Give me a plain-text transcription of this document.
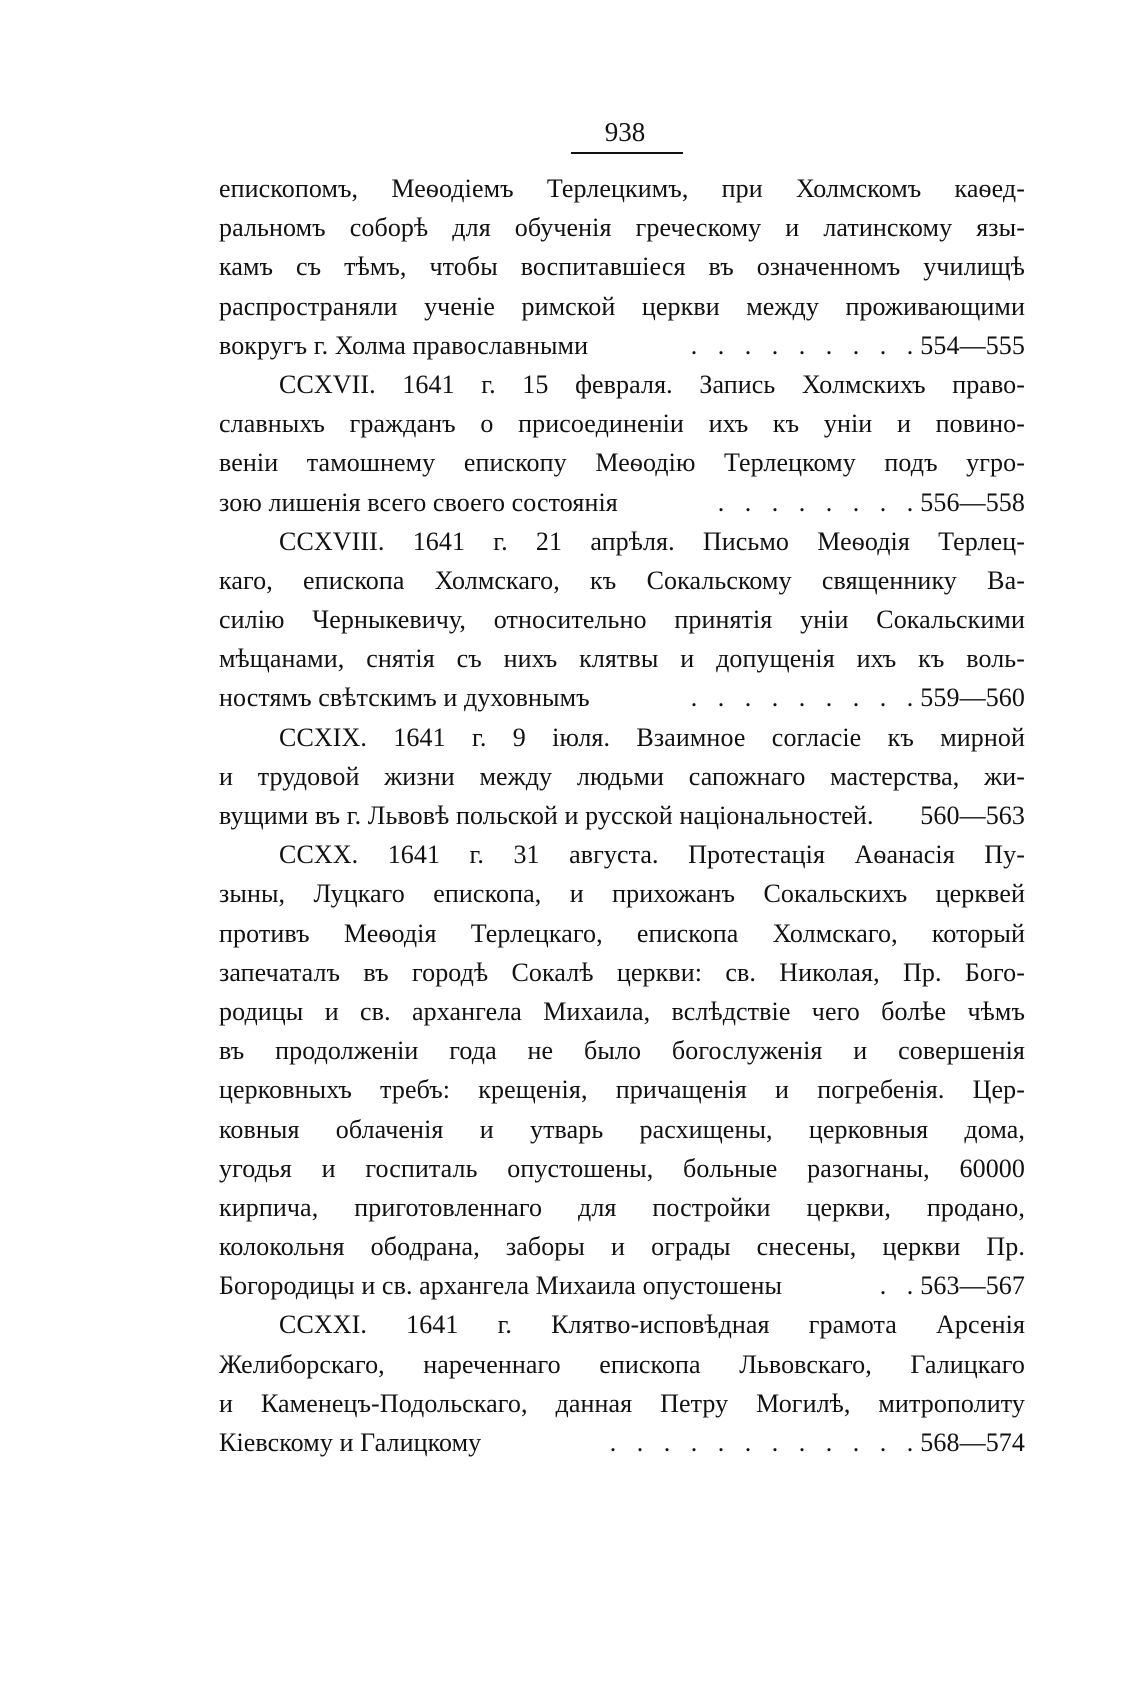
938
епископомъ, Меѳодіемъ Терлецкимъ, при Холмскомъ каѳед-
ральномъ соборѣ для обученія греческому и латинскому язы-
камъ съ тѣмъ, чтобы воспитавшіеся въ означенномъ училищѣ
распространяли ученіе римской церкви между проживающими
вокругъ г. Холма православными	. . . . . . . . . 554—555
CCXVII. 1641 г. 15 февраля. Запись Холмскихъ право-
славныхъ гражданъ о присоединеніи ихъ къ уніи и повино-
веніи тамошнему епископу Меѳодію Терлецкому подъ угро-
зою лишенія всего своего состоянія	. . . . . . . . 556—558
CCXVIII. 1641 г. 21 апрѣля. Письмо Меѳодія Терлец-
каго, епископа Холмскаго, къ Сокальскому священнику Ва-
силію Черныкевичу, относительно принятія уніи Сокальскими
мѣщанами, снятія съ нихъ клятвы и допущенія ихъ къ воль-
ностямъ свѣтскимъ и духовнымъ	. . . . . . . . . 559—560
CCXIX. 1641 г. 9 іюля. Взаимное согласіе къ мирной
и трудовой жизни между людьми сапожнаго мастерства, жи-
вущими въ г. Львовѣ польской и русской національностей. 560—563
CCXX. 1641 г. 31 августа. Протестація Аѳанасія Пу-
зыны, Луцкаго епископа, и прихожанъ Сокальскихъ церквей
противъ Меѳодія Терлецкаго, епископа Холмскаго, который
запечаталъ въ городѣ Сокалѣ церкви: св. Николая, Пр. Бого-
родицы и св. архангела Михаила, вслѣдствіе чего болѣе чѣмъ
въ продолженіи года не было богослуженія и совершенія
церковныхъ требъ: крещенія, причащенія и погребенія. Цер-
ковныя облаченія и утварь расхищены, церковныя дома,
угодья и госпиталь опустошены, больные разогнаны, 60000
кирпича, приготовленнаго для постройки церкви, продано,
колокольня ободрана, заборы и ограды снесены, церкви Пр.
Богородицы и св. архангела Михаила опустошены	. . 563—567
CCXXI. 1641 г. Клятво-исповѣдная грамота Арсенія
Желиборскаго, нареченнаго епископа Львовскаго, Галицкаго
и Каменецъ-Подольскаго, данная Петру Могилѣ, митрополиту
Кіевскому и Галицкому	. . . . . . . . . . . . 568—574
